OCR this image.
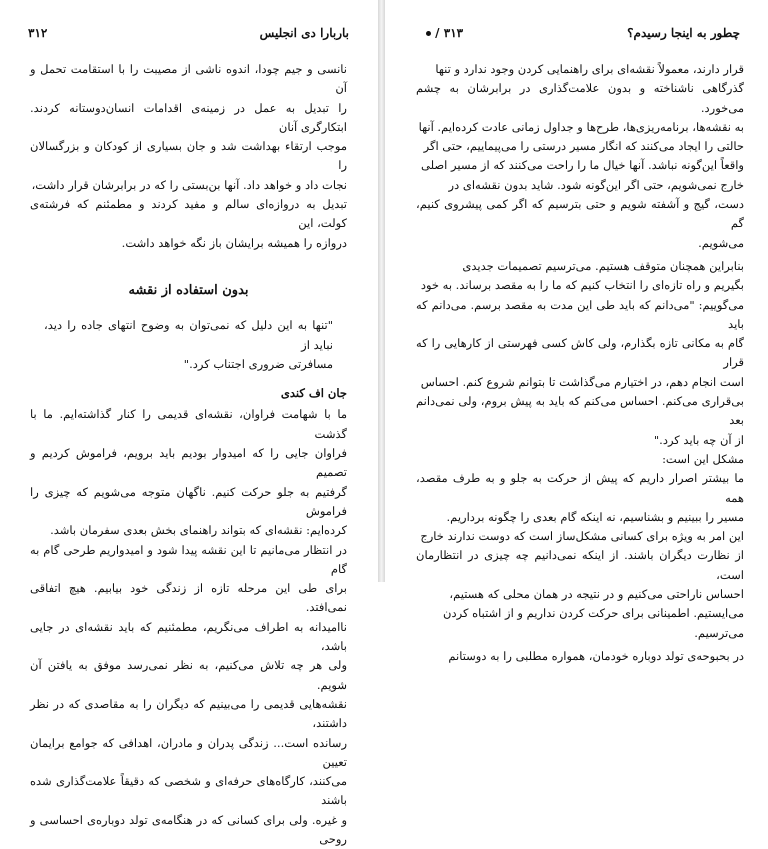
باربارا دی انجلیس
۳۱۲

نانسی و جیم چودا، اندوه ناشی از مصیبت را با استقامت تحمل و آن

را تبدیل به عمل در زمینه‌ی اقدامات انسان‌دوستانه کردند. ابتکارگری آنان

موجب ارتقاء بهداشت شد و جان بسیاری از کودکان و بزرگسالان را

نجات داد و خواهد داد. آنها بن‌بستی را که در برابرشان قرار داشت،

تبدیل به دروازه‌ای سالم و مفید کردند و مطمئنم که فرشته‌ی کولت، این

دروازه را همیشه برایشان باز نگه خواهد داشت.

بدون استفاده از نقشه

"تنها به این دلیل که نمی‌توان به وضوح انتهای جاده را دید، نباید از

مسافرتی ضروری اجتناب کرد."

جان اف کندی

ما با شهامت فراوان، نقشه‌ای قدیمی را کنار گذاشته‌ایم. ما با گذشت

فراوان جایی را که امیدوار بودیم باید برویم، فراموش کردیم و تصمیم

گرفتیم به جلو حرکت کنیم. ناگهان متوجه می‌شویم که چیزی را فراموش

کرده‌ایم: نقشه‌ای که بتواند راهنمای بخش بعدی سفرمان باشد.

در انتظار می‌مانیم تا این نقشه پیدا شود و امیدواریم طرحی گام به گام

برای طی این مرحله تازه از زندگی خود بیابیم. هیچ اتفاقی نمی‌افتد.

ناامیدانه به اطراف می‌نگریم، مطمئنیم که باید نقشه‌ای در جایی باشد،

ولی هر چه تلاش می‌کنیم، به نظر نمی‌رسد موفق به یافتن آن شویم.

نقشه‌هایی قدیمی را می‌بینیم که دیگران را به مقاصدی که در نظر داشتند،

رسانده است... زندگی پدران و مادران، اهدافی که جوامع برایمان تعیین

می‌کنند، کارگاه‌های حرفه‌ای و شخصی که دقیقاً علامت‌گذاری شده باشند

و غیره. ولی برای کسانی که در هنگامه‌ی تولد دوباره‌ی احساسی و روحی

چطور به اینجا رسیدم؟
۳۱۳ /

قرار دارند، معمولاً نقشه‌ای برای راهنمایی کردن وجود ندارد و تنها

گذرگاهی ناشناخته و بدون علامت‌گذاری در برابرشان به چشم می‌خورد.

به نقشه‌ها، برنامه‌ریزی‌ها، طرح‌ها و جداول زمانی عادت کرده‌ایم. آنها

حالتی را ایجاد می‌کنند که انگار مسیر درستی را می‌پیماییم، حتی اگر

واقعاً این‌گونه نباشد. آنها خیال ما را راحت می‌کنند که از مسیر اصلی

خارج نمی‌شویم، حتی اگر این‌گونه شود. شاید بدون نقشه‌ای در

دست، گیج و آشفته شویم و حتی بترسیم که اگر کمی پیشروی کنیم، گم

می‌شویم.

بنابراین همچنان متوقف هستیم. می‌ترسیم تصمیمات جدیدی

بگیریم و راه تازه‌ای را انتخاب کنیم که ما را به مقصد برساند. به خود

می‌گوییم: "می‌دانم که باید طی این مدت به مقصد برسم. می‌دانم که باید

گام به مکانی تازه بگذارم، ولی کاش کسی فهرستی از کارهایی را که قرار

است انجام دهم، در اختیارم می‌گذاشت تا بتوانم شروع کنم. احساس

بی‌قراری می‌کنم. احساس می‌کنم که باید به پیش بروم، ولی نمی‌دانم بعد

از آن چه باید کرد."

مشکل این است:

ما بیشتر اصرار داریم که پیش از حرکت به جلو و به طرف مقصد، همه

مسیر را ببینیم و بشناسیم، نه اینکه گام بعدی را چگونه برداریم.

این امر به ویژه برای کسانی مشکل‌ساز است که دوست ندارند خارج

از نظارت دیگران باشند. از اینکه نمی‌دانیم چه چیزی در انتظارمان است،

احساس ناراحتی می‌کنیم و در نتیجه در همان محلی که هستیم،

می‌ایستیم. اطمینانی برای حرکت کردن نداریم و از اشتباه کردن

می‌ترسیم.

در بحبوحه‌ی تولد دوباره خودمان، همواره مطلبی را به دوستانم
